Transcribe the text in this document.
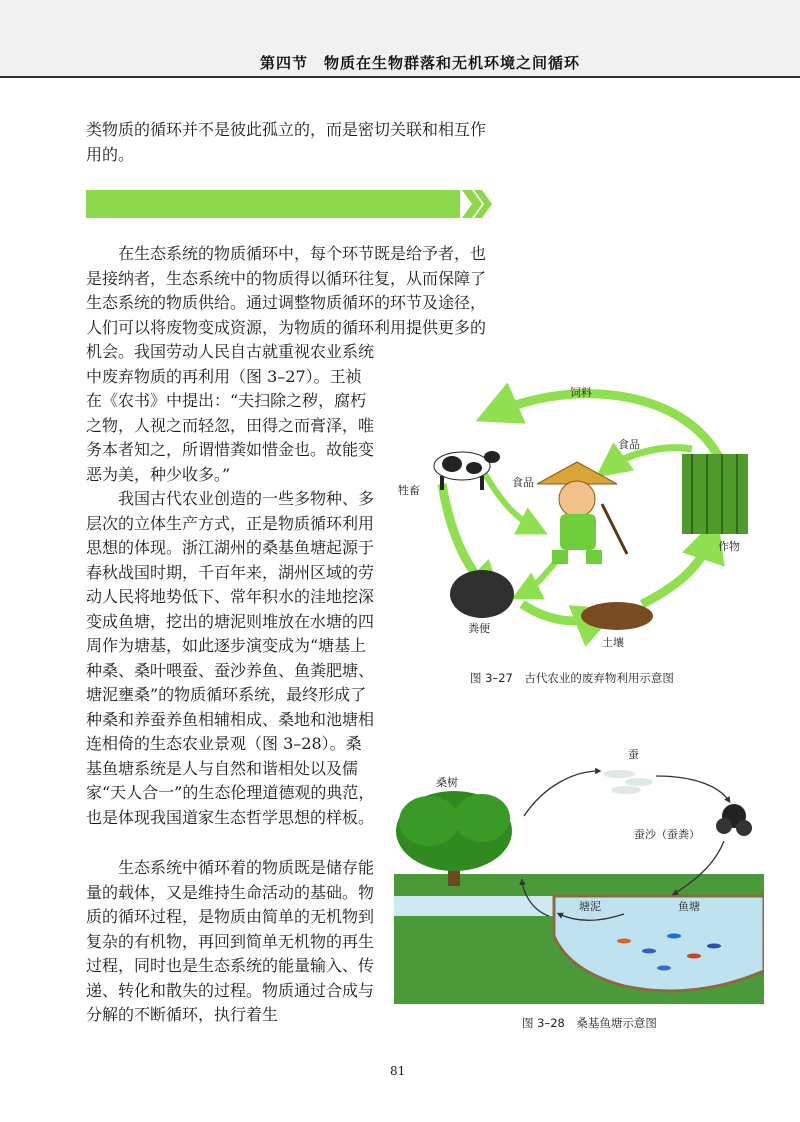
第四节　物质在生物群落和无机环境之间循环

类物质的循环并不是彼此孤立的，而是密切关联和相互作用的。

在生态系统的物质循环中，每个环节既是给予者，也是接纳者，生态系统中的物质得以循环往复，从而保障了生态系统的物质供给。通过调整物质循环的环节及途径，人们可以将废物变成资源，为物质的循环利用提供更多的

机会。我国劳动人民自古就重视农业系统中废弃物质的再利用（图 3–27）。王祯在《农书》中提出：“夫扫除之秽，腐朽之物，人视之而轻忽，田得之而膏泽，唯务本者知之，所谓惜粪如惜金也。故能变恶为美，种少收多。”

我国古代农业创造的一些多物种、多层次的立体生产方式，正是物质循环利用思想的体现。浙江湖州的桑基鱼塘起源于春秋战国时期，千百年来，湖州区域的劳动人民将地势低下、常年积水的洼地挖深变成鱼塘，挖出的塘泥则堆放在水塘的四周作为塘基，如此逐步演变成为“塘基上种桑、桑叶喂蚕、蚕沙养鱼、鱼粪肥塘、塘泥壅桑”的物质循环系统，最终形成了种桑和养蚕养鱼相辅相成、桑地和池塘相连相倚的生态农业景观（图 3–28）。桑基鱼塘系统是人与自然和谐相处以及儒家“天人合一”的生态伦理道德观的典范，也是体现我国道家生态哲学思想的样板。

生态系统中循环着的物质既是储存能量的载体，又是维持生命活动的基础。物质的循环过程，是物质由简单的无机物到复杂的有机物，再回到简单无机物的再生过程，同时也是生态系统的能量输入、传递、转化和散失的过程。物质通过合成与分解的不断循环，执行着生

饲料
食品
食品
牲畜
作物
粪便
土壤
图 3–27　古代农业的废弃物利用示意图
蚕
桑树
蚕沙（蚕粪）
塘泥	鱼塘
图 3–28　桑基鱼塘示意图
81
